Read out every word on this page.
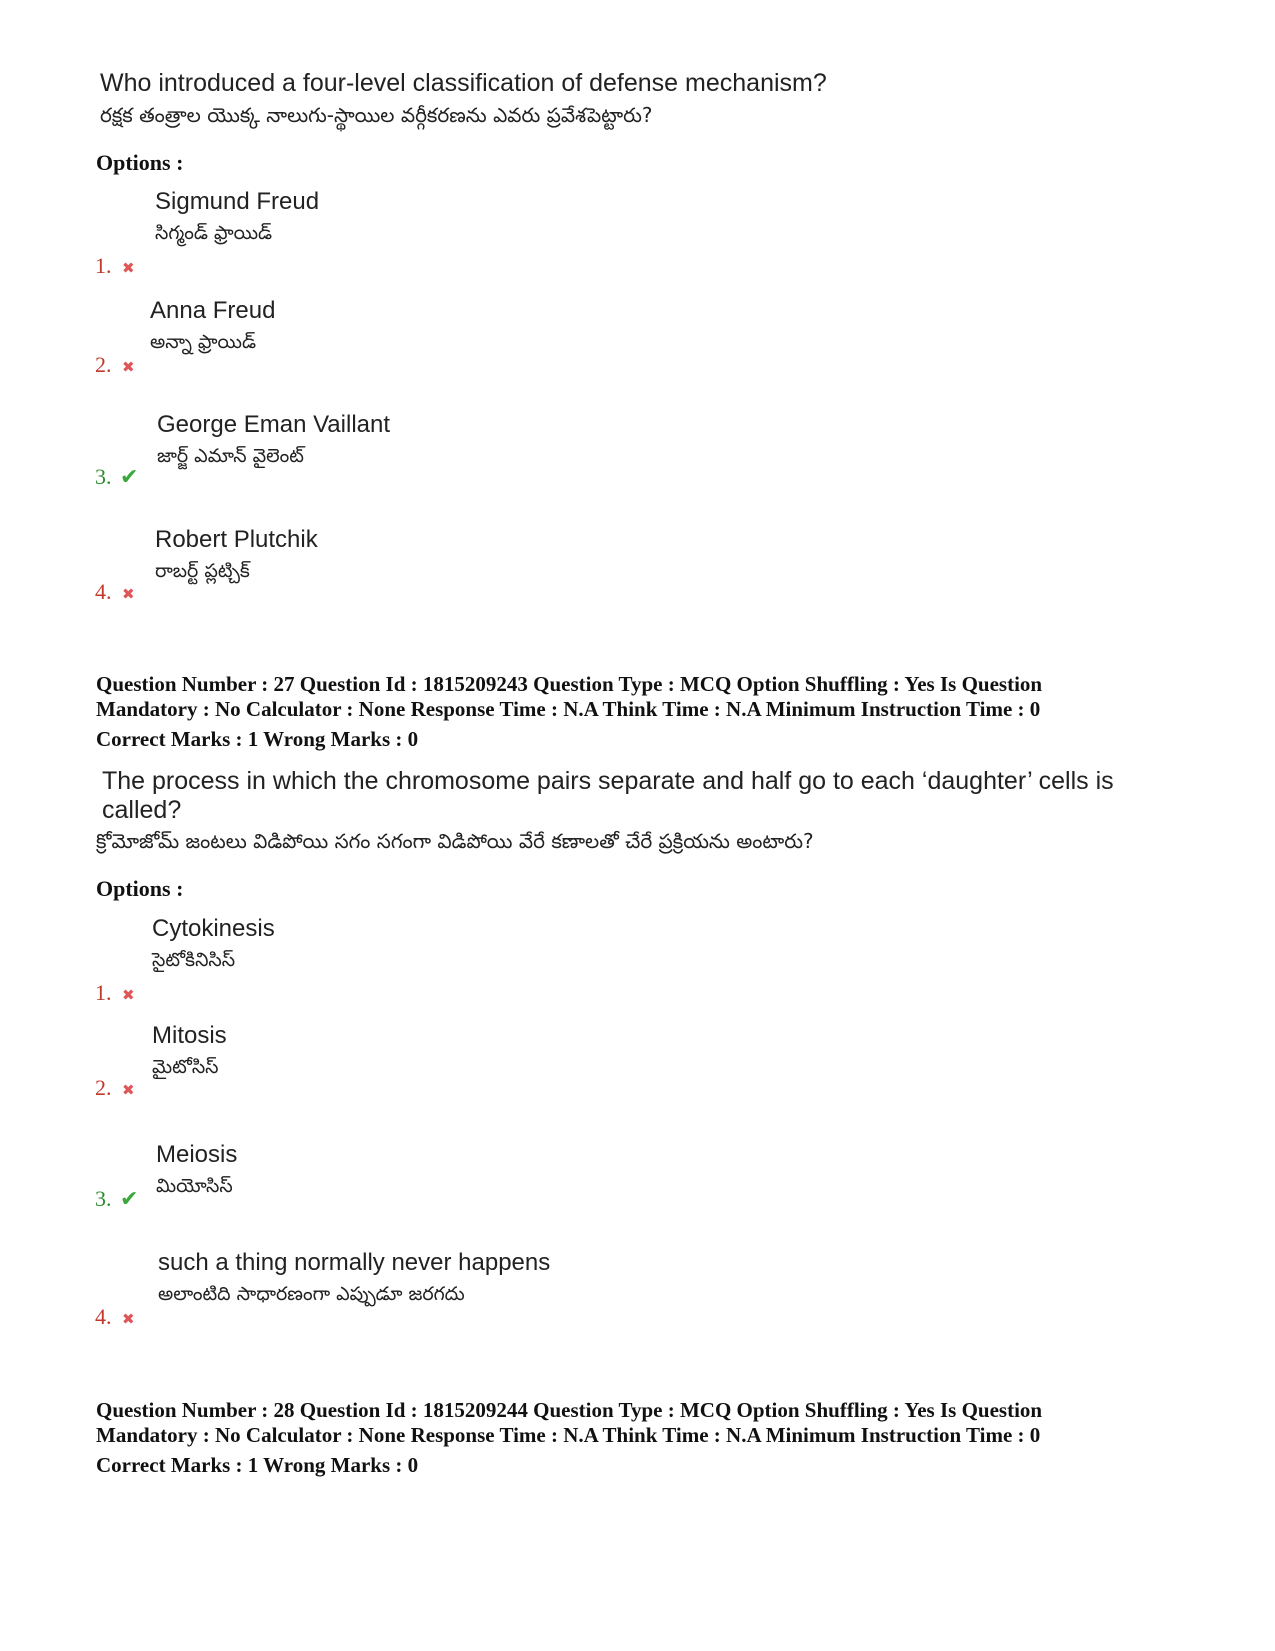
Who introduced a four-level classification of defense mechanism?
రక్షక తంత్రాల యొక్క నాలుగు-స్థాయిల వర్గీకరణను ఎవరు ప్రవేశపెట్టారు?
Options :
Sigmund Freud
సిగ్మండ్ ఫ్రాయిడ్
1. ✖
Anna Freud
అన్నా ఫ్రాయిడ్
2. ✖
George Eman Vaillant
జార్జ్ ఎమాన్ వైలెంట్
3. ✔
Robert Plutchik
రాబర్ట్ ప్లట్చిక్
4. ✖
Question Number : 27 Question Id : 1815209243 Question Type : MCQ Option Shuffling : Yes Is Question
Mandatory : No Calculator : None Response Time : N.A Think Time : N.A Minimum Instruction Time : 0
Correct Marks : 1 Wrong Marks : 0
The process in which the chromosome pairs separate and half go to each ‘daughter’ cells is
called?
క్రోమోజోమ్ జంటలు విడిపోయి సగం సగంగా విడిపోయి వేరే కణాలతో చేరే ప్రక్రియను అంటారు?
Options :
Cytokinesis
సైటోకినిసిస్
1. ✖
Mitosis
మైటోసిస్
2. ✖
Meiosis
మియోసిస్
3. ✔
such a thing normally never happens
అలాంటిది సాధారణంగా ఎప్పుడూ జరగదు
4. ✖
Question Number : 28 Question Id : 1815209244 Question Type : MCQ Option Shuffling : Yes Is Question
Mandatory : No Calculator : None Response Time : N.A Think Time : N.A Minimum Instruction Time : 0
Correct Marks : 1 Wrong Marks : 0
